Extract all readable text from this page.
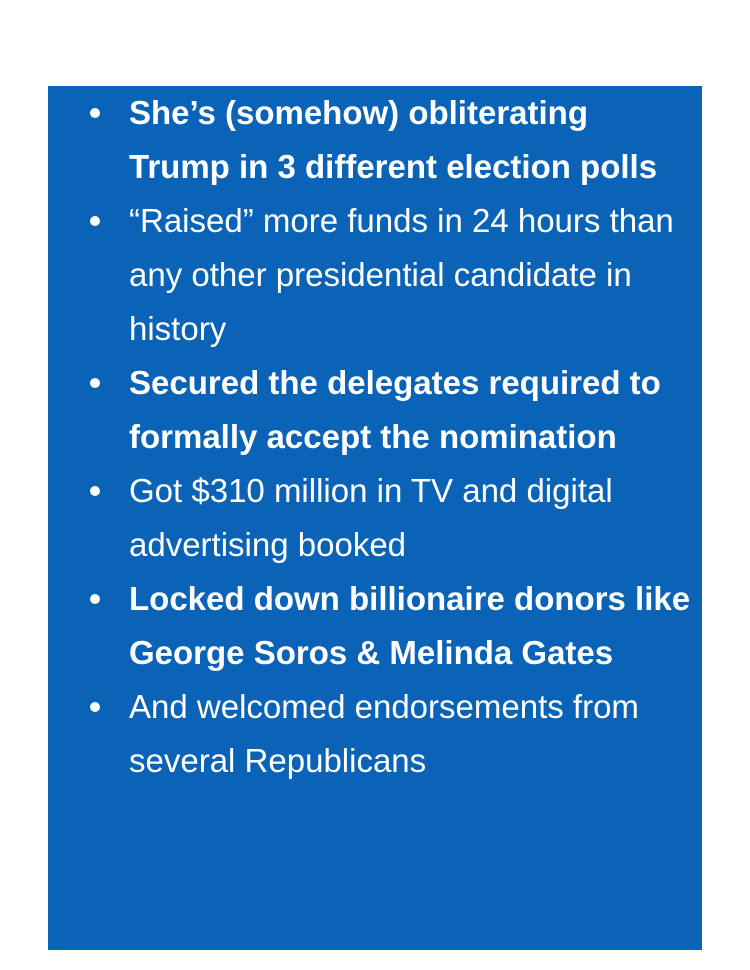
She’s (somehow) obliterating Trump in 3 different election polls
“Raised” more funds in 24 hours than any other presidential candidate in history
Secured the delegates required to formally accept the nomination
Got $310 million in TV and digital advertising booked
Locked down billionaire donors like George Soros & Melinda Gates
And welcomed endorsements from several Republicans
